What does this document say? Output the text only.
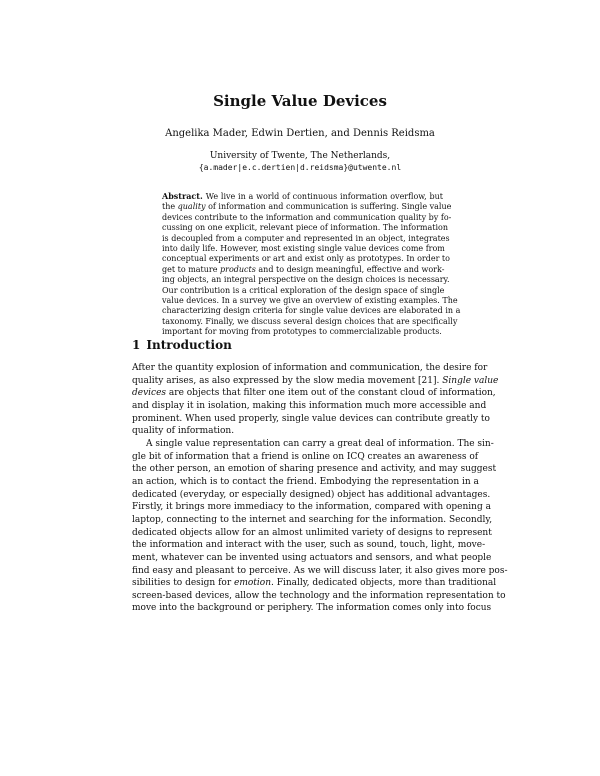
Single Value Devices
Angelika Mader, Edwin Dertien, and Dennis Reidsma
University of Twente, The Netherlands,
{a.mader|e.c.dertien|d.reidsma}@utwente.nl
Abstract. We live in a world of continuous information overflow, but
the quality of information and communication is suffering. Single value
devices contribute to the information and communication quality by fo-
cussing on one explicit, relevant piece of information. The information
is decoupled from a computer and represented in an object, integrates
into daily life. However, most existing single value devices come from
conceptual experiments or art and exist only as prototypes. In order to
get to mature products and to design meaningful, effective and work-
ing objects, an integral perspective on the design choices is necessary.
Our contribution is a critical exploration of the design space of single
value devices. In a survey we give an overview of existing examples. The
characterizing design criteria for single value devices are elaborated in a
taxonomy. Finally, we discuss several design choices that are specifically
important for moving from prototypes to commercializable products.
1 Introduction
After the quantity explosion of information and communication, the desire for
quality arises, as also expressed by the slow media movement [21]. Single value
devices are objects that filter one item out of the constant cloud of information,
and display it in isolation, making this information much more accessible and
prominent. When used properly, single value devices can contribute greatly to
quality of information.
A single value representation can carry a great deal of information. The sin-
gle bit of information that a friend is online on ICQ creates an awareness of
the other person, an emotion of sharing presence and activity, and may suggest
an action, which is to contact the friend. Embodying the representation in a
dedicated (everyday, or especially designed) object has additional advantages.
Firstly, it brings more immediacy to the information, compared with opening a
laptop, connecting to the internet and searching for the information. Secondly,
dedicated objects allow for an almost unlimited variety of designs to represent
the information and interact with the user, such as sound, touch, light, move-
ment, whatever can be invented using actuators and sensors, and what people
find easy and pleasant to perceive. As we will discuss later, it also gives more pos-
sibilities to design for emotion. Finally, dedicated objects, more than traditional
screen-based devices, allow the technology and the information representation to
move into the background or periphery. The information comes only into focus
